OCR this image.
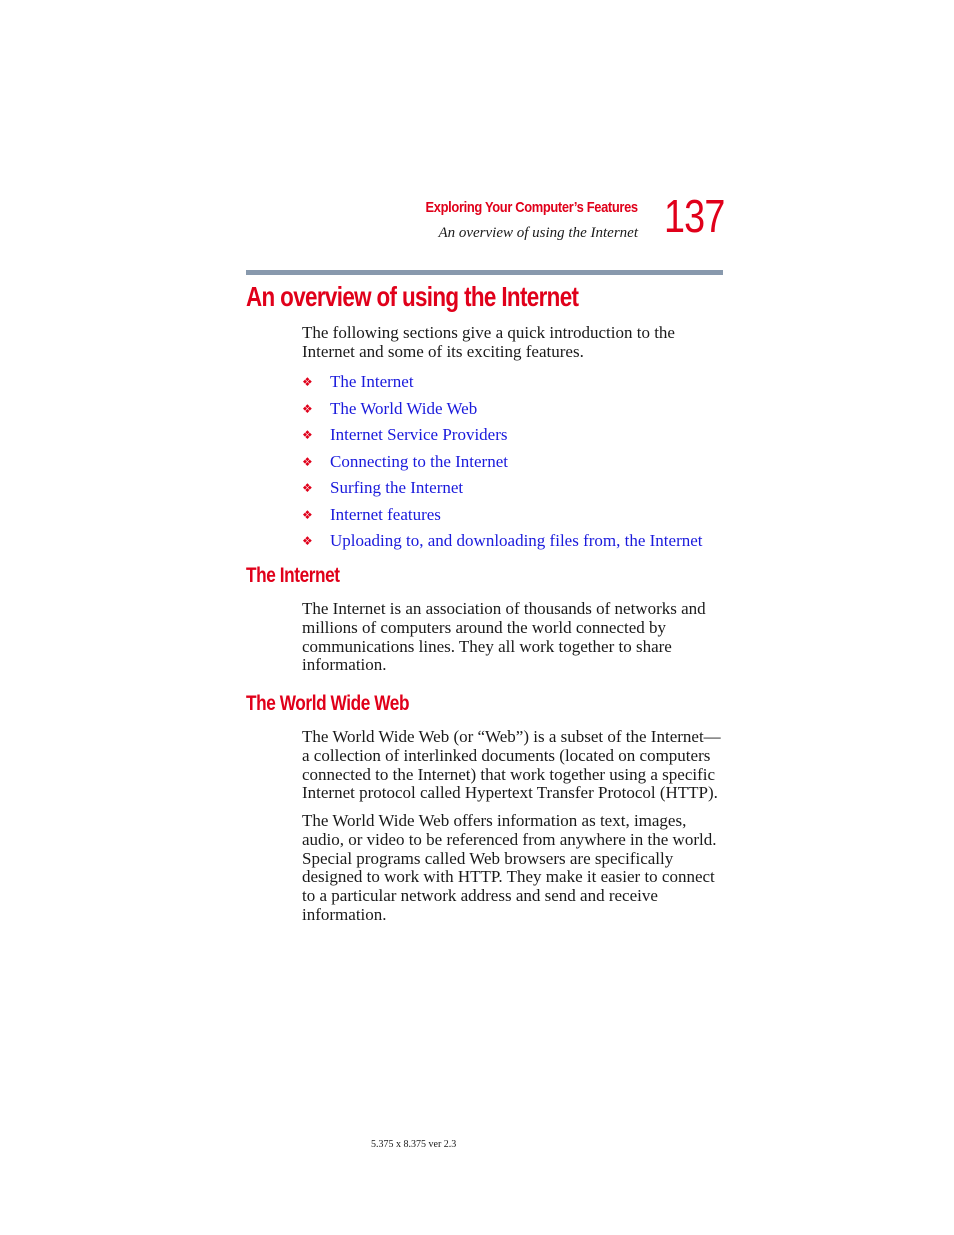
Exploring Your Computer’s Features
An overview of using the Internet 137
An overview of using the Internet

The following sections give a quick introduction to the Internet and some of its exciting features.

❖	The Internet
❖	The World Wide Web
❖	Internet Service Providers
❖	Connecting to the Internet
❖	Surfing the Internet
❖	Internet features
❖	Uploading to, and downloading files from, the Internet
The Internet

The Internet is an association of thousands of networks and millions of computers around the world connected by communications lines. They all work together to share information.

The World Wide Web

The World Wide Web (or “Web”) is a subset of the Internet—a collection of interlinked documents (located on computers connected to the Internet) that work together using a specific Internet protocol called Hypertext Transfer Protocol (HTTP).

The World Wide Web offers information as text, images, audio, or video to be referenced from anywhere in the world. Special programs called Web browsers are specifically designed to work with HTTP. They make it easier to connect to a particular network address and send and receive information.

5.375 x 8.375 ver 2.3
